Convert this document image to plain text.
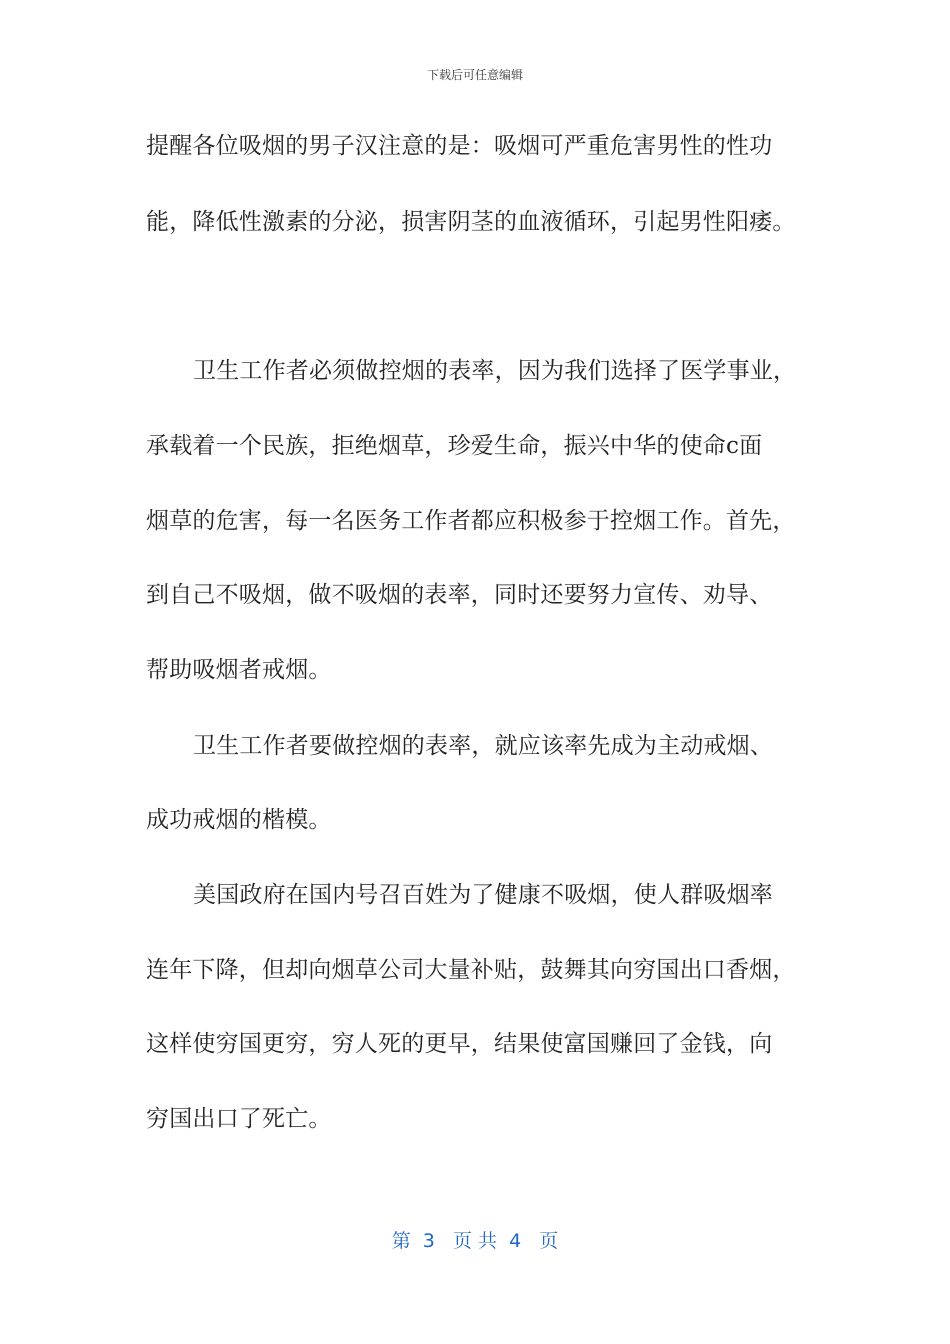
下载后可任意编辑
提醒各位吸烟的男子汉注意的是：吸烟可严重危害男性的性功
能，降低性激素的分泌，损害阴茎的血液循环，引起男性阳痿。
卫生工作者必须做控烟的表率，因为我们选择了医学事业，
承载着一个民族，拒绝烟草，珍爱生命，振兴中华的使命c面
烟草的危害，每一名医务工作者都应积极参于控烟工作。首先，
到自己不吸烟，做不吸烟的表率，同时还要努力宣传、劝导、
帮助吸烟者戒烟。
卫生工作者要做控烟的表率，就应该率先成为主动戒烟、
成功戒烟的楷模。
美国政府在国内号召百姓为了健康不吸烟，使人群吸烟率
连年下降，但却向烟草公司大量补贴，鼓舞其向穷国出口香烟，
这样使穷国更穷，穷人死的更早，结果使富国赚回了金钱，向
穷国出口了死亡。
第  3   页 共  4   页
